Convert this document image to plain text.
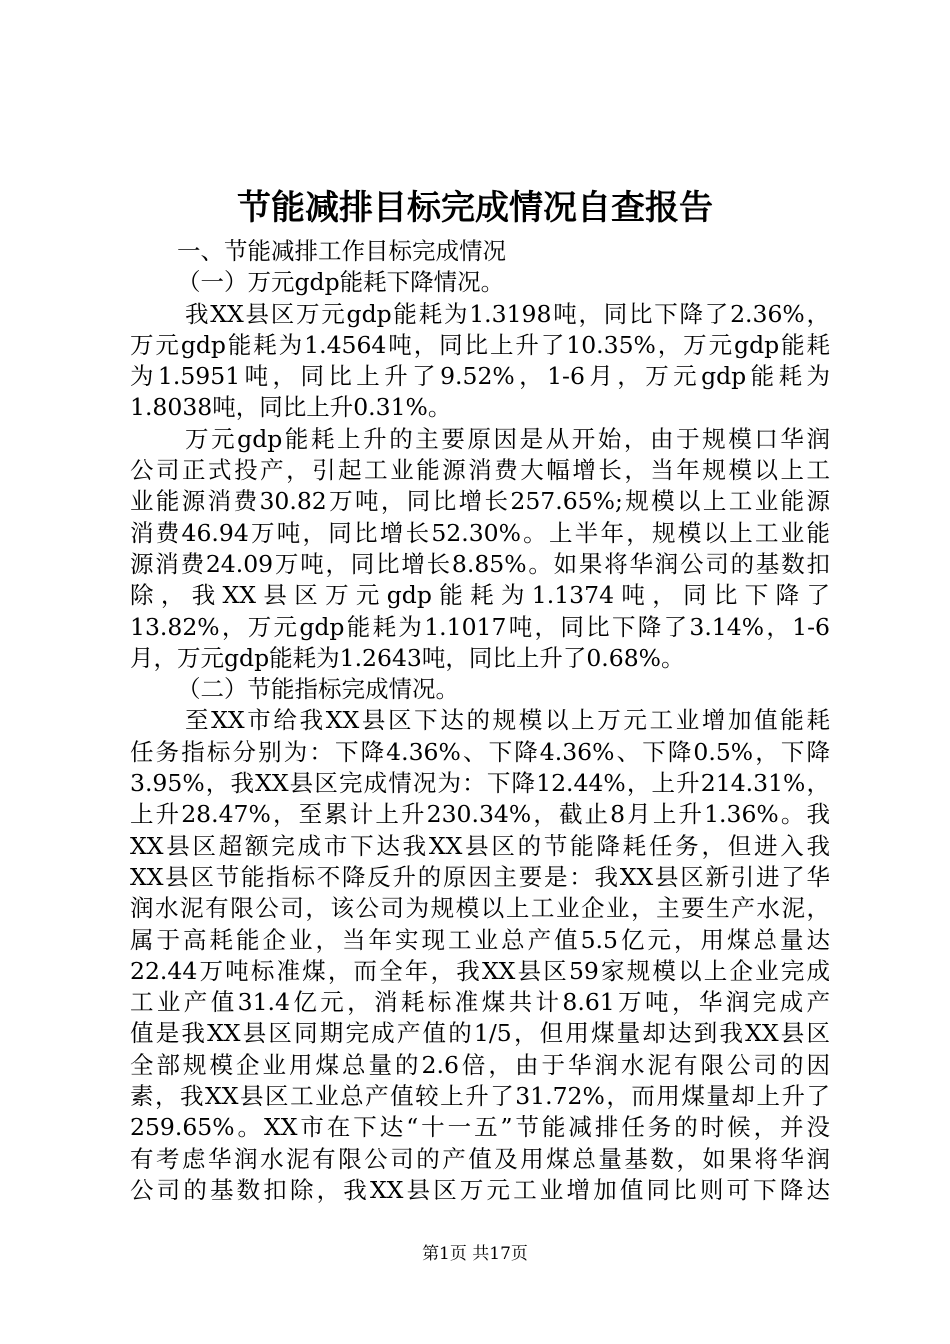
节能减排目标完成情况自查报告
一、节能减排工作目标完成情况
（一）万元gdp能耗下降情况。
我XX县区万元gdp能耗为1.3198吨，同比下降了2.36%，
万元gdp能耗为1.4564吨，同比上升了10.35%，万元gdp能耗
为1.5951吨，同比上升了9.52%，1-6月，万元gdp能耗为
1.8038吨，同比上升0.31%。
万元gdp能耗上升的主要原因是从开始，由于规模口华润
公司正式投产，引起工业能源消费大幅增长，当年规模以上工
业能源消费30.82万吨，同比增长257.65%;规模以上工业能源
消费46.94万吨，同比增长52.30%。上半年，规模以上工业能
源消费24.09万吨，同比增长8.85%。如果将华润公司的基数扣
除，我XX县区万元gdp能耗为1.1374吨，同比下降了
13.82%，万元gdp能耗为1.1017吨，同比下降了3.14%，1-6
月，万元gdp能耗为1.2643吨，同比上升了0.68%。
（二）节能指标完成情况。
至XX市给我XX县区下达的规模以上万元工业增加值能耗
任务指标分别为：下降4.36%、下降4.36%、下降0.5%，下降
3.95%，我XX县区完成情况为：下降12.44%，上升214.31%，
上升28.47%，至累计上升230.34%，截止8月上升1.36%。我
XX县区超额完成市下达我XX县区的节能降耗任务，但进入我
XX县区节能指标不降反升的原因主要是：我XX县区新引进了华
润水泥有限公司，该公司为规模以上工业企业，主要生产水泥，
属于高耗能企业，当年实现工业总产值5.5亿元，用煤总量达
22.44万吨标准煤，而全年，我XX县区59家规模以上企业完成
工业产值31.4亿元，消耗标准煤共计8.61万吨，华润完成产
值是我XX县区同期完成产值的1/5，但用煤量却达到我XX县区
全部规模企业用煤总量的2.6倍，由于华润水泥有限公司的因
素，我XX县区工业总产值较上升了31.72%，而用煤量却上升了
259.65%。XX市在下达“十一五”节能减排任务的时候，并没
有考虑华润水泥有限公司的产值及用煤总量基数，如果将华润
公司的基数扣除，我XX县区万元工业增加值同比则可下降达
第1页 共17页
